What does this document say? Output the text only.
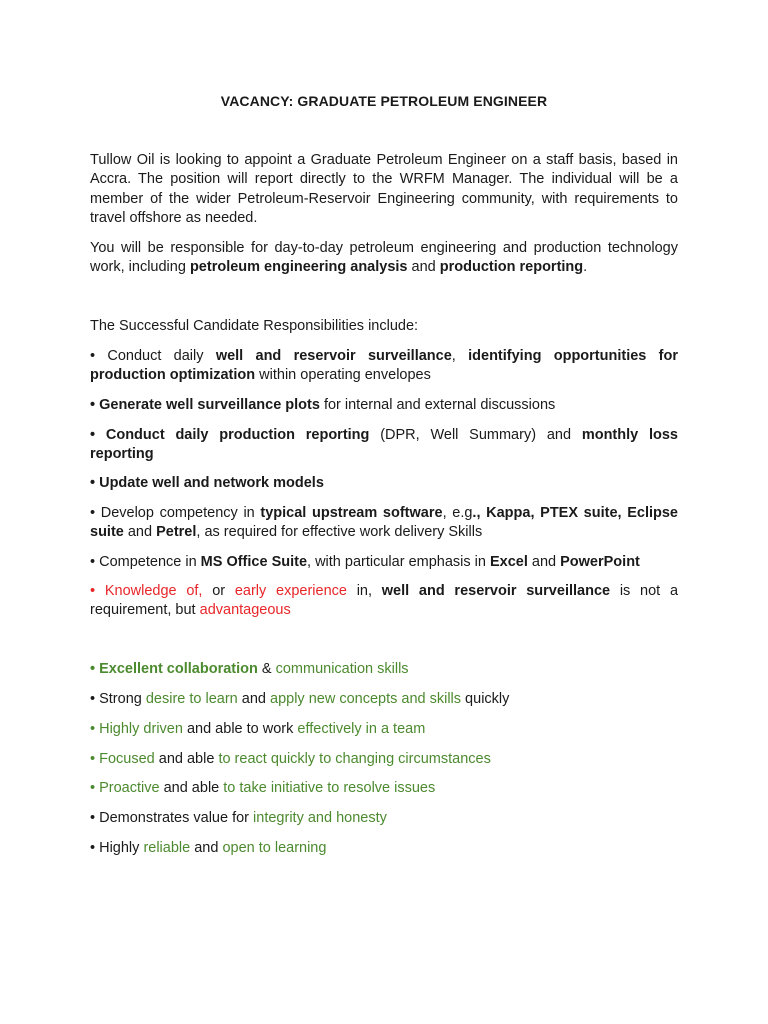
VACANCY: GRADUATE PETROLEUM ENGINEER
Tullow Oil is looking to appoint a Graduate Petroleum Engineer on a staff basis, based in Accra. The position will report directly to the WRFM Manager. The individual will be a member of the wider Petroleum-Reservoir Engineering community, with requirements to travel offshore as needed.
You will be responsible for day-to-day petroleum engineering and production technology work, including petroleum engineering analysis and production reporting.
The Successful Candidate Responsibilities include:
• Conduct daily well and reservoir surveillance, identifying opportunities for production optimization within operating envelopes
• Generate well surveillance plots for internal and external discussions
• Conduct daily production reporting (DPR, Well Summary) and monthly loss reporting
• Update well and network models
• Develop competency in typical upstream software, e.g., Kappa, PTEX suite, Eclipse suite and Petrel, as required for effective work delivery Skills
• Competence in MS Office Suite, with particular emphasis in Excel and PowerPoint
• Knowledge of, or early experience in, well and reservoir surveillance is not a requirement, but advantageous
• Excellent collaboration & communication skills
• Strong desire to learn and apply new concepts and skills quickly
• Highly driven and able to work effectively in a team
• Focused and able to react quickly to changing circumstances
• Proactive and able to take initiative to resolve issues
• Demonstrates value for integrity and honesty
• Highly reliable and open to learning
